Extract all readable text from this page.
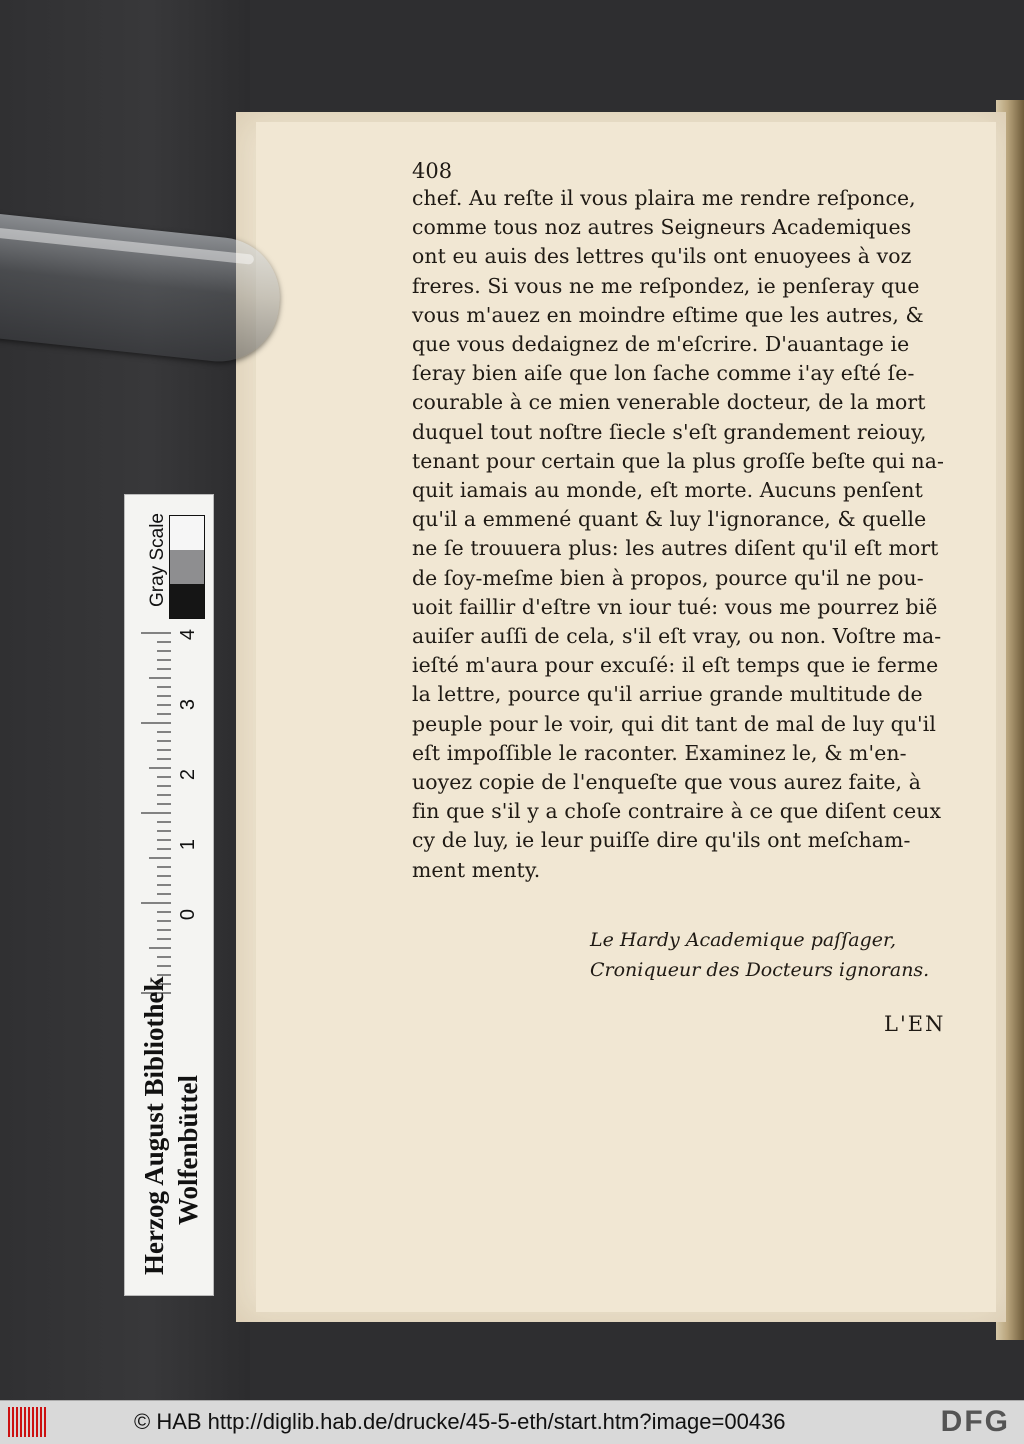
408

chef. Au reſte il vous plaira me rendre reſponce,

comme tous noz autres Seigneurs Academiques

ont eu auis des lettres qu'ils ont enuoyees à voz

freres. Si vous ne me reſpondez, ie penſeray que

vous m'auez en moindre eſtime que les autres, &

que vous dedaignez de m'eſcrire. D'auantage ie

ſeray bien aiſe que lon ſache comme i'ay eſté ſe-

courable à ce mien venerable docteur, de la mort

duquel tout noſtre ſiecle s'eſt grandement reiouy,

tenant pour certain que la plus groſſe beſte qui na-

quit iamais au monde, eſt morte. Aucuns penſent

qu'il a emmené quant & luy l'ignorance, & quelle

ne ſe trouuera plus: les autres diſent qu'il eſt mort

de ſoy-meſme bien à propos, pource qu'il ne pou-

uoit faillir d'eſtre vn iour tué: vous me pourrez biẽ

auiſer auſſi de cela, s'il eſt vray, ou non. Voſtre ma-

ieſté m'aura pour excuſé: il eſt temps que ie ferme

la lettre, pource qu'il arriue grande multitude de

peuple pour le voir, qui dit tant de mal de luy qu'il

eſt impoſſible le raconter. Examinez le, & m'en-

uoyez copie de l'enqueſte que vous aurez faite, à

fin que s'il y a choſe contraire à ce que diſent ceux

cy de luy, ie leur puiſſe dire qu'ils ont meſcham-

ment menty.

Le Hardy Academique paſſager,
Croniqueur des Docteurs ignorans.
L'EN
Gray Scale
4
3
2
1
0
Herzog August Bibliothek Wolfenbüttel
© HAB http://diglib.hab.de/drucke/45-5-eth/start.htm?image=00436	DFG
